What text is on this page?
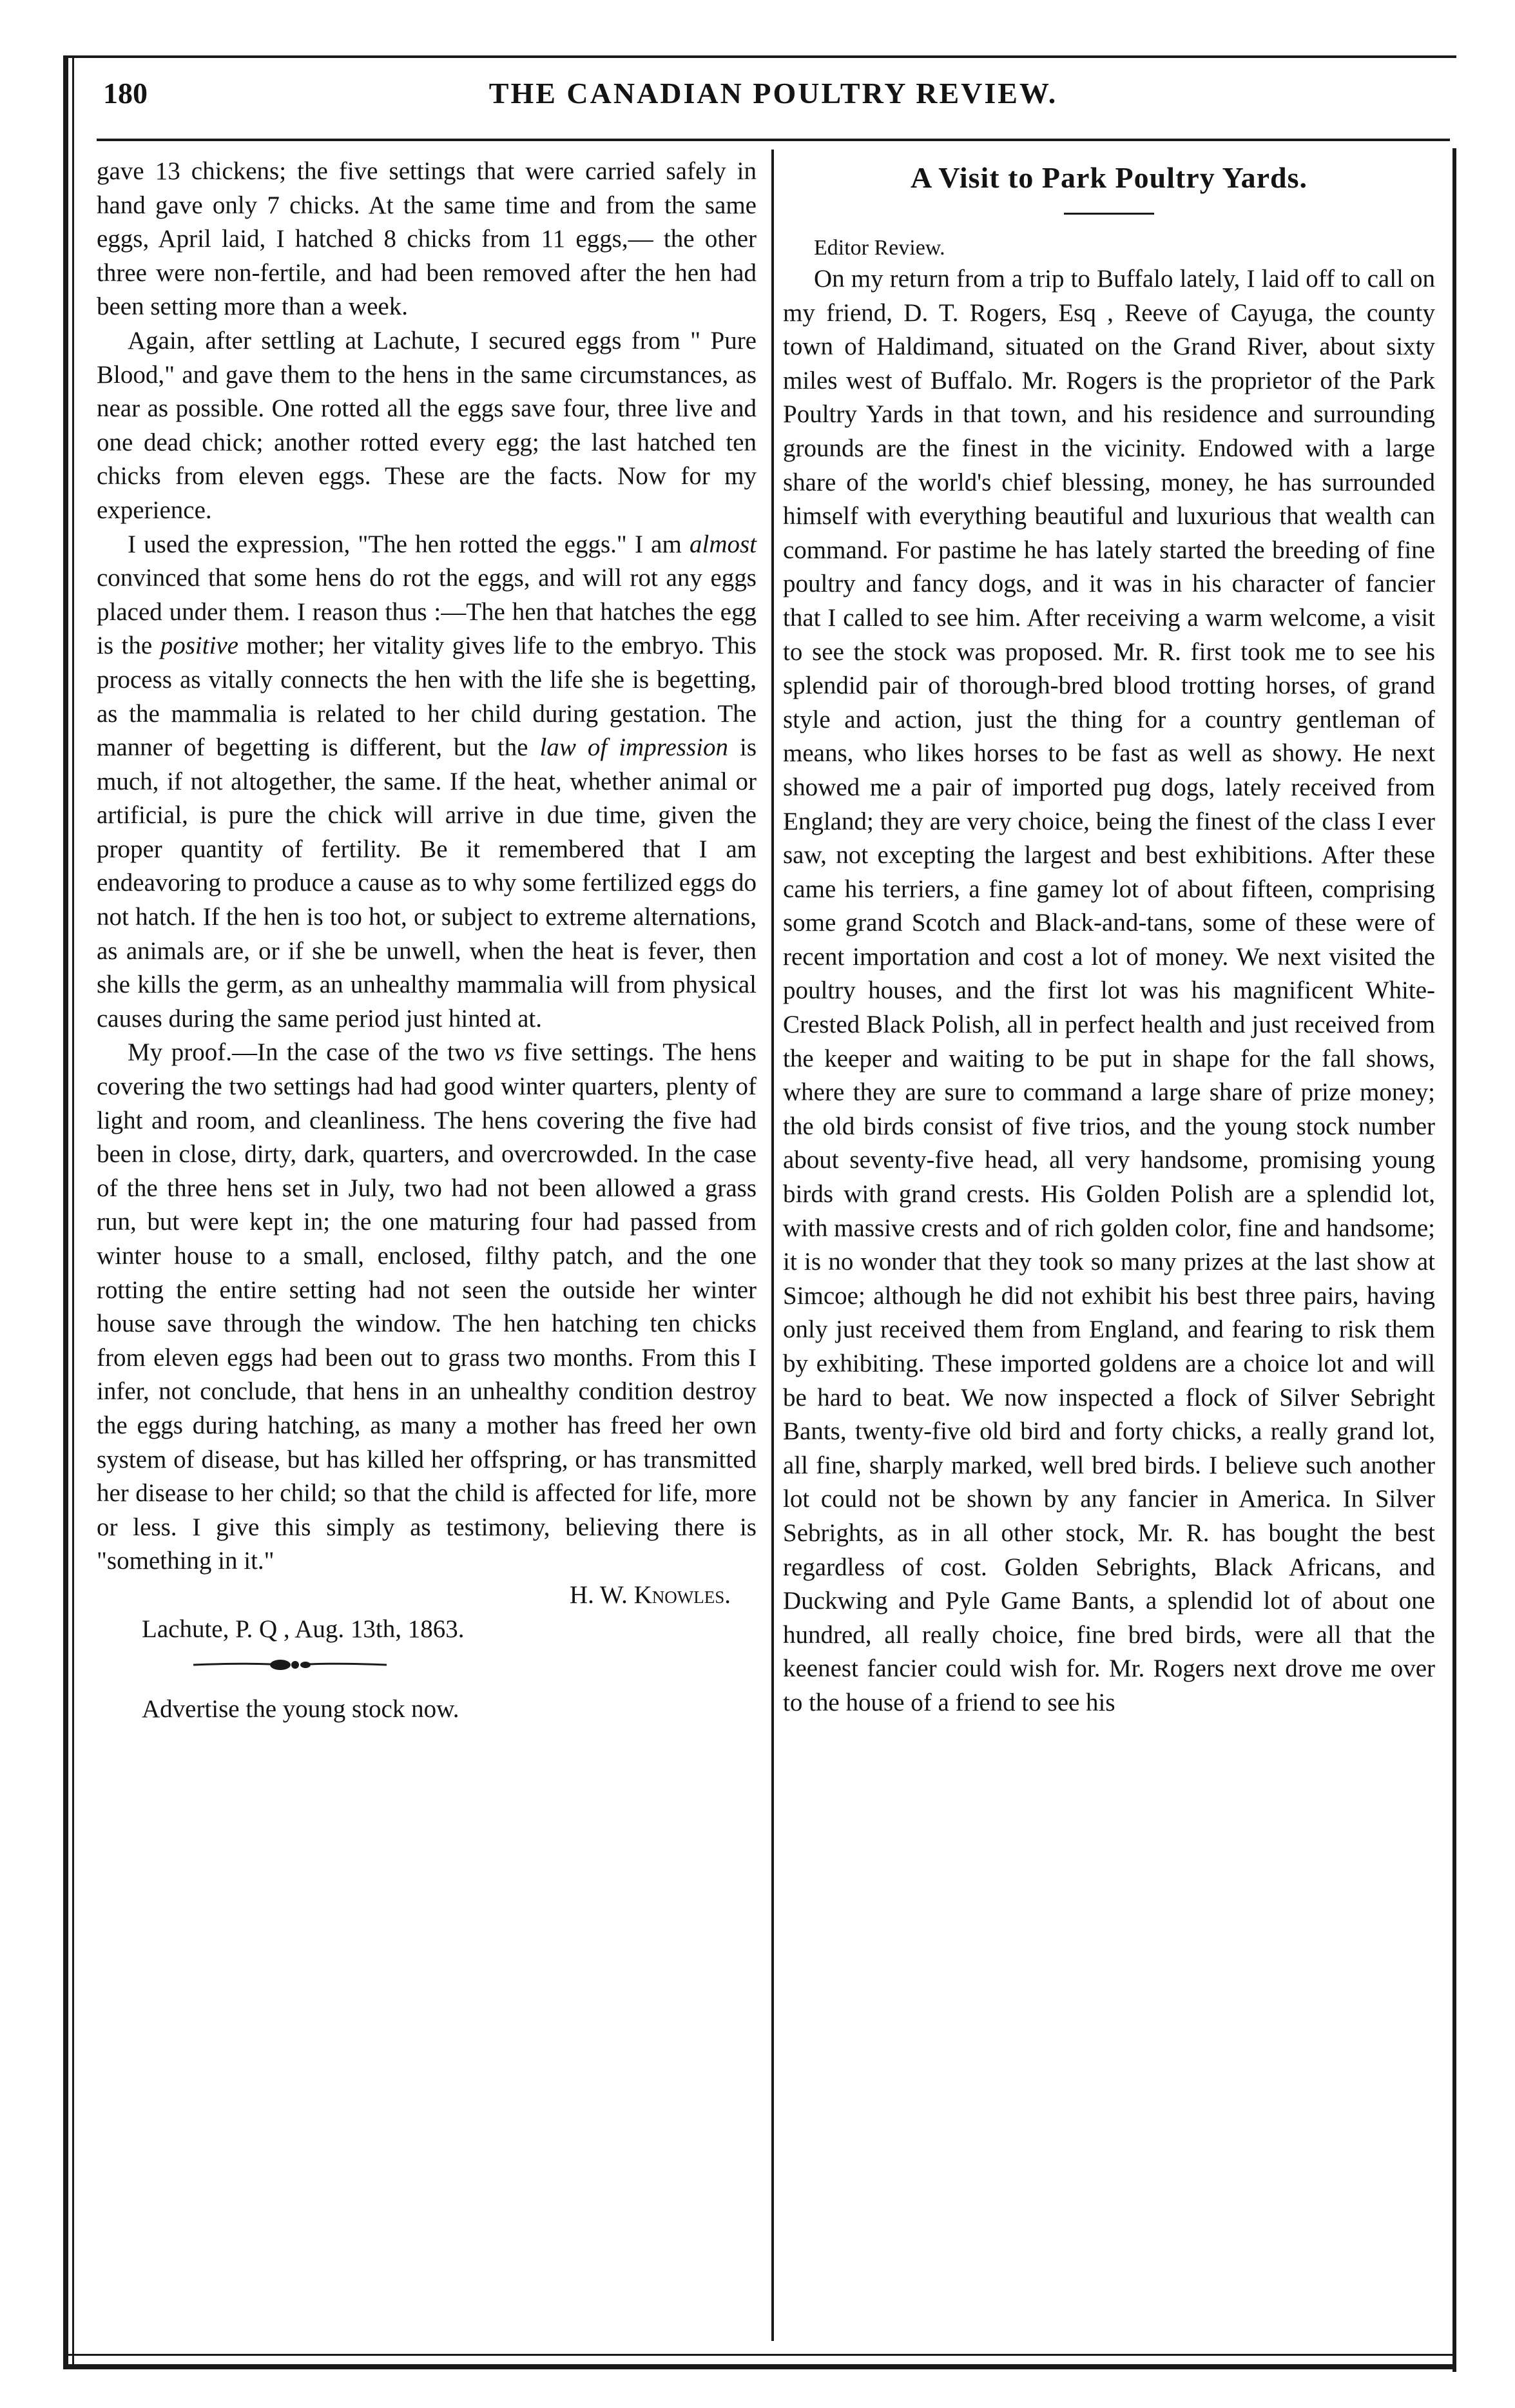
180	THE CANADIAN POULTRY REVIEW.

gave 13 chickens; the five settings that were carried safely in hand gave only 7 chicks. At the same time and from the same eggs, April laid, I hatched 8 chicks from 11 eggs,— the other three were non-fertile, and had been removed after the hen had been setting more than a week.

Again, after settling at Lachute, I secured eggs from " Pure Blood," and gave them to the hens in the same circumstances, as near as possible. One rotted all the eggs save four, three live and one dead chick; another rotted every egg; the last hatched ten chicks from eleven eggs. These are the facts. Now for my experience.

I used the expression, "The hen rotted the eggs." I am almost convinced that some hens do rot the eggs, and will rot any eggs placed under them. I reason thus :—The hen that hatches the egg is the positive mother; her vitality gives life to the embryo. This process as vitally connects the hen with the life she is begetting, as the mammalia is related to her child during gestation. The manner of begetting is different, but the law of impression is much, if not altogether, the same. If the heat, whether animal or artificial, is pure the chick will arrive in due time, given the proper quantity of fertility. Be it remembered that I am endeavoring to produce a cause as to why some fertilized eggs do not hatch. If the hen is too hot, or subject to extreme alternations, as animals are, or if she be unwell, when the heat is fever, then she kills the germ, as an unhealthy mammalia will from physical causes during the same period just hinted at.

My proof.—In the case of the two vs five settings. The hens covering the two settings had had good winter quarters, plenty of light and room, and cleanliness. The hens covering the five had been in close, dirty, dark, quarters, and overcrowded. In the case of the three hens set in July, two had not been allowed a grass run, but were kept in; the one maturing four had passed from winter house to a small, enclosed, filthy patch, and the one rotting the entire setting had not seen the outside her winter house save through the window. The hen hatching ten chicks from eleven eggs had been out to grass two months. From this I infer, not conclude, that hens in an unhealthy condition destroy the eggs during hatching, as many a mother has freed her own system of disease, but has killed her offspring, or has transmitted her disease to her child; so that the child is affected for life, more or less. I give this simply as testimony, believing there is "something in it."

H. W. Knowles.

Lachute, P. Q , Aug. 13th, 1863.

Advertise the young stock now.

A Visit to Park Poultry Yards.

Editor Review.

On my return from a trip to Buffalo lately, I laid off to call on my friend, D. T. Rogers, Esq , Reeve of Cayuga, the county town of Haldimand, situated on the Grand River, about sixty miles west of Buffalo. Mr. Rogers is the proprietor of the Park Poultry Yards in that town, and his residence and surrounding grounds are the finest in the vicinity. Endowed with a large share of the world's chief blessing, money, he has surrounded himself with everything beautiful and luxurious that wealth can command. For pastime he has lately started the breeding of fine poultry and fancy dogs, and it was in his character of fancier that I called to see him. After receiving a warm welcome, a visit to see the stock was proposed. Mr. R. first took me to see his splendid pair of thorough-bred blood trotting horses, of grand style and action, just the thing for a country gentleman of means, who likes horses to be fast as well as showy. He next showed me a pair of imported pug dogs, lately received from England; they are very choice, being the finest of the class I ever saw, not excepting the largest and best exhibitions. After these came his terriers, a fine gamey lot of about fifteen, comprising some grand Scotch and Black-and-tans, some of these were of recent importation and cost a lot of money. We next visited the poultry houses, and the first lot was his magnificent White-Crested Black Polish, all in perfect health and just received from the keeper and waiting to be put in shape for the fall shows, where they are sure to command a large share of prize money; the old birds consist of five trios, and the young stock number about seventy-five head, all very handsome, promising young birds with grand crests. His Golden Polish are a splendid lot, with massive crests and of rich golden color, fine and handsome; it is no wonder that they took so many prizes at the last show at Simcoe; although he did not exhibit his best three pairs, having only just received them from England, and fearing to risk them by exhibiting. These imported goldens are a choice lot and will be hard to beat. We now inspected a flock of Silver Sebright Bants, twenty-five old bird and forty chicks, a really grand lot, all fine, sharply marked, well bred birds. I believe such another lot could not be shown by any fancier in America. In Silver Sebrights, as in all other stock, Mr. R. has bought the best regardless of cost. Golden Sebrights, Black Africans, and Duckwing and Pyle Game Bants, a splendid lot of about one hundred, all really choice, fine bred birds, were all that the keenest fancier could wish for. Mr. Rogers next drove me over to the house of a friend to see his
